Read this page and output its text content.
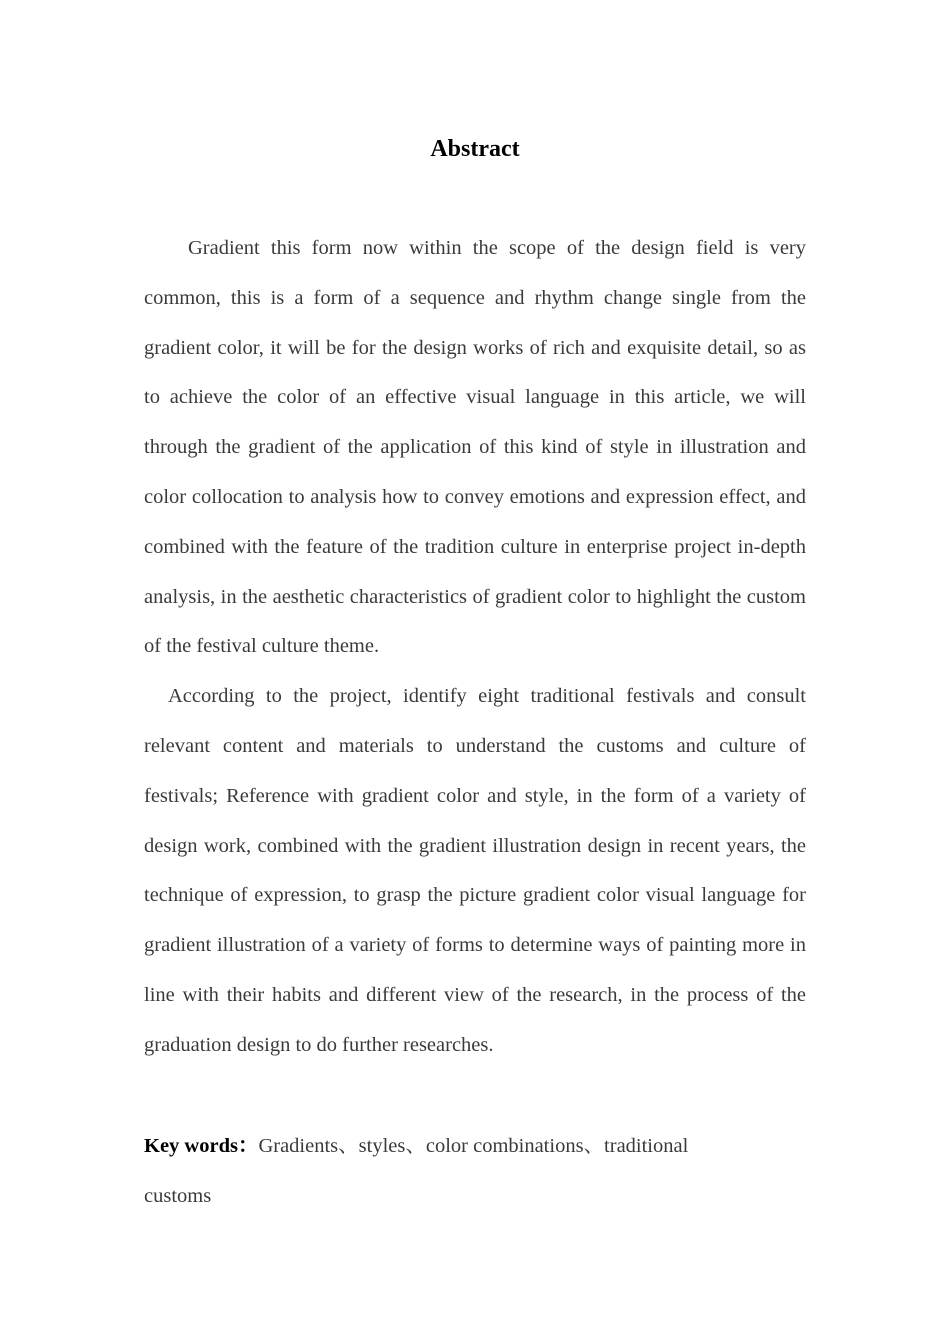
Abstract

Gradient this form now within the scope of the design field is very common, this is a form of a sequence and rhythm change single from the gradient color, it will be for the design works of rich and exquisite detail, so as to achieve the color of an effective visual language in this article, we will through the gradient of the application of this kind of style in illustration and color collocation to analysis how to convey emotions and expression effect, and combined with the feature of the tradition culture in enterprise project in-depth analysis, in the aesthetic characteristics of gradient color to highlight the custom of the festival culture theme.

According to the project, identify eight traditional festivals and consult relevant content and materials to understand the customs and culture of festivals; Reference with gradient color and style, in the form of a variety of design work, combined with the gradient illustration design in recent years, the technique of expression, to grasp the picture gradient color visual language for gradient illustration of a variety of forms to determine ways of painting more in line with their habits and different view of the research, in the process of the graduation design to do further researches.

Key words：Gradients、styles、color combinations、traditional customs
